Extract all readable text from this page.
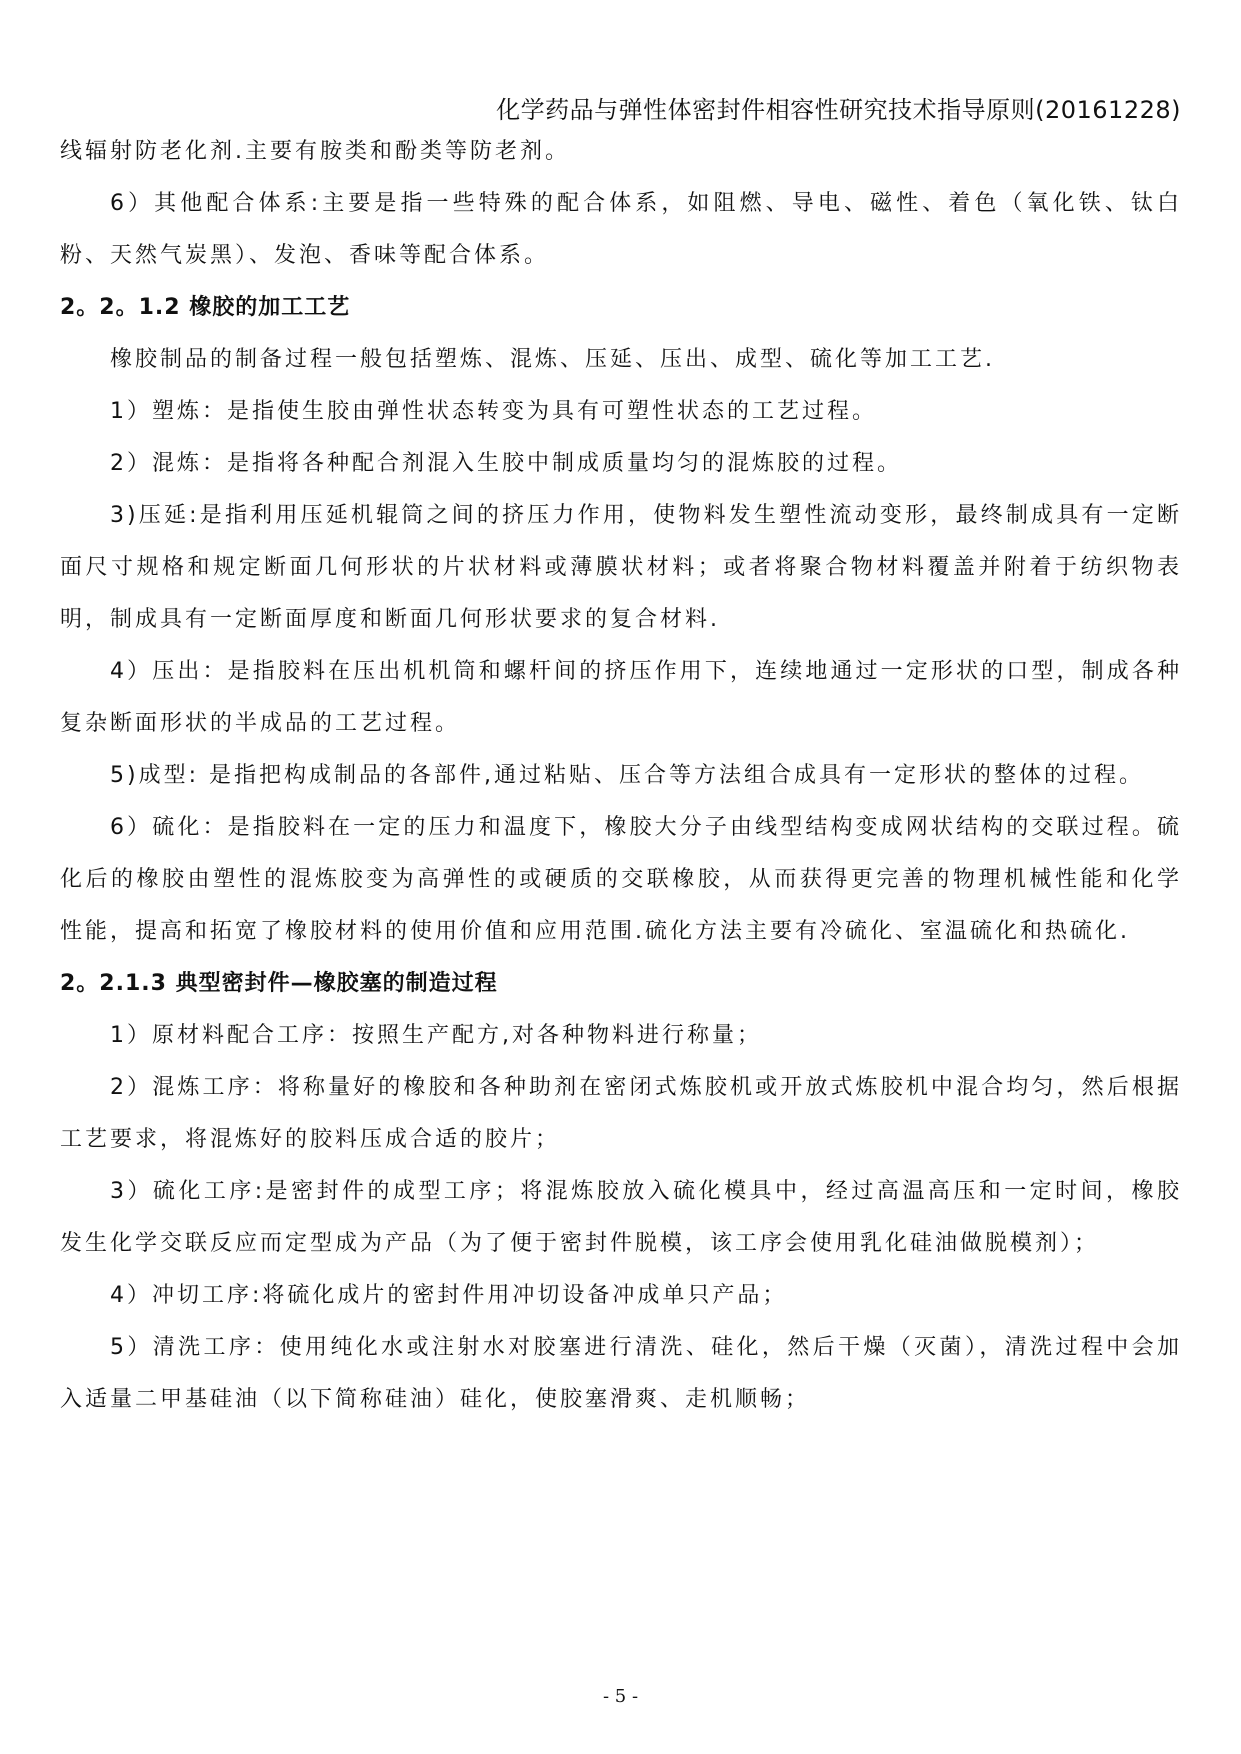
化学药品与弹性体密封件相容性研究技术指导原则(20161228)

线辐射防老化剂.主要有胺类和酚类等防老剂。

6）其他配合体系:主要是指一些特殊的配合体系，如阻燃、导电、磁性、着色（氧化铁、钛白粉、天然气炭黑）、发泡、香味等配合体系。

2。2。1.2 橡胶的加工工艺

橡胶制品的制备过程一般包括塑炼、混炼、压延、压出、成型、硫化等加工工艺.

1）塑炼：是指使生胶由弹性状态转变为具有可塑性状态的工艺过程。

2）混炼：是指将各种配合剂混入生胶中制成质量均匀的混炼胶的过程。

3)压延:是指利用压延机辊筒之间的挤压力作用，使物料发生塑性流动变形，最终制成具有一定断面尺寸规格和规定断面几何形状的片状材料或薄膜状材料；或者将聚合物材料覆盖并附着于纺织物表明，制成具有一定断面厚度和断面几何形状要求的复合材料.

4）压出：是指胶料在压出机机筒和螺杆间的挤压作用下，连续地通过一定形状的口型，制成各种复杂断面形状的半成品的工艺过程。

5)成型: 是指把构成制品的各部件,通过粘贴、压合等方法组合成具有一定形状的整体的过程。

6）硫化：是指胶料在一定的压力和温度下，橡胶大分子由线型结构变成网状结构的交联过程。硫化后的橡胶由塑性的混炼胶变为高弹性的或硬质的交联橡胶，从而获得更完善的物理机械性能和化学性能，提高和拓宽了橡胶材料的使用价值和应用范围.硫化方法主要有冷硫化、室温硫化和热硫化.

2。2.1.3 典型密封件—橡胶塞的制造过程

1）原材料配合工序：按照生产配方,对各种物料进行称量；

2）混炼工序：将称量好的橡胶和各种助剂在密闭式炼胶机或开放式炼胶机中混合均匀，然后根据工艺要求，将混炼好的胶料压成合适的胶片；

3）硫化工序:是密封件的成型工序；将混炼胶放入硫化模具中，经过高温高压和一定时间，橡胶发生化学交联反应而定型成为产品（为了便于密封件脱模，该工序会使用乳化硅油做脱模剂）；

4）冲切工序:将硫化成片的密封件用冲切设备冲成单只产品；

5）清洗工序：使用纯化水或注射水对胶塞进行清洗、硅化，然后干燥（灭菌），清洗过程中会加入适量二甲基硅油（以下简称硅油）硅化，使胶塞滑爽、走机顺畅；

- 5 -
